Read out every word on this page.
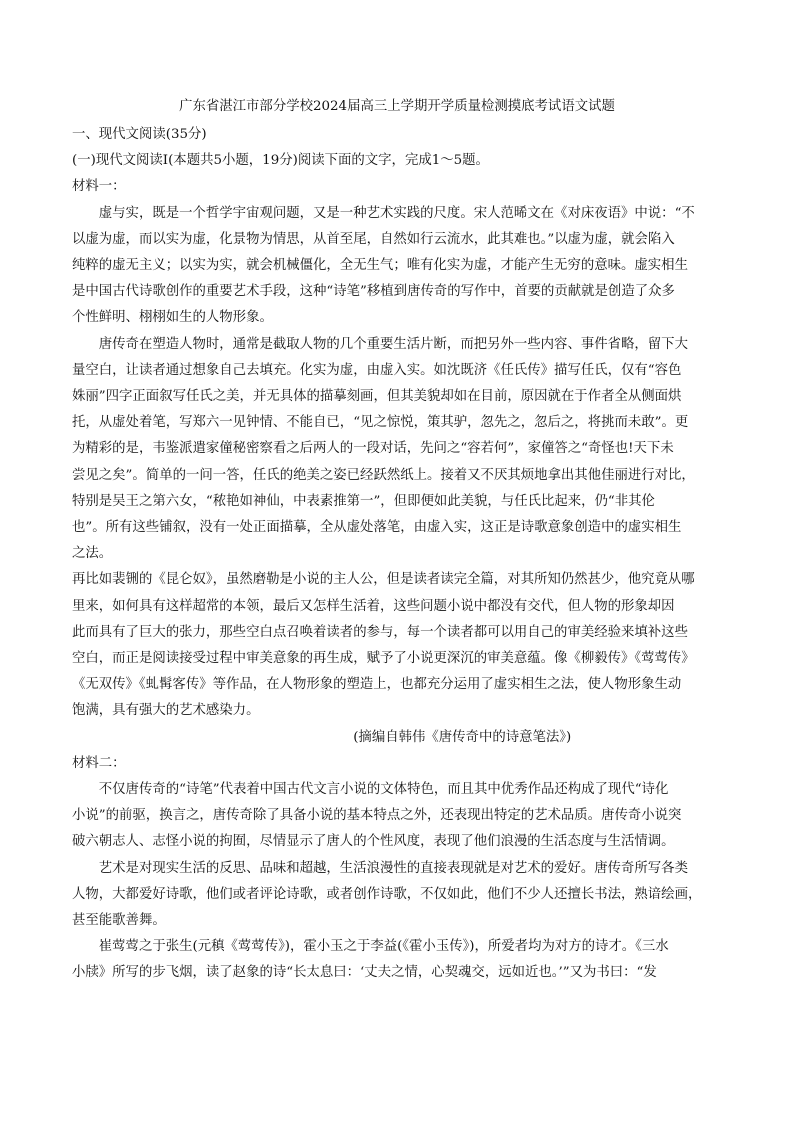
广东省湛江市部分学校2024届高三上学期开学质量检测摸底考试语文试题
一、现代文阅读(35分)
(一)现代文阅读Ⅰ(本题共5小题，19分)阅读下面的文字，完成1～5题。
材料一：
　　虚与实，既是一个哲学宇宙观问题，又是一种艺术实践的尺度。宋人范晞文在《对床夜语》中说：“不
以虚为虚，而以实为虚，化景物为情思，从首至尾，自然如行云流水，此其难也。”以虚为虚，就会陷入
纯粹的虚无主义；以实为实，就会机械僵化，全无生气；唯有化实为虚，才能产生无穷的意味。虚实相生
是中国古代诗歌创作的重要艺术手段，这种“诗笔”移植到唐传奇的写作中，首要的贡献就是创造了众多
个性鲜明、栩栩如生的人物形象。
　　唐传奇在塑造人物时，通常是截取人物的几个重要生活片断，而把另外一些内容、事件省略，留下大
量空白，让读者通过想象自己去填充。化实为虚，由虚入实。如沈既济《任氏传》描写任氏，仅有“容色
姝丽”四字正面叙写任氏之美，并无具体的描摹刻画，但其美貌却如在目前，原因就在于作者全从侧面烘
托，从虚处着笔，写郑六一见钟情、不能自已，“见之惊悦，策其驴，忽先之，忽后之，将挑而未敢”。更
为精彩的是，韦鉴派遣家僮秘密察看之后两人的一段对话，先问之“容若何”，家僮答之“奇怪也!天下未
尝见之矣”。简单的一问一答，任氏的绝美之姿已经跃然纸上。接着又不厌其烦地拿出其他佳丽进行对比，
特别是吴王之第六女，“秾艳如神仙，中表素推第一”，但即便如此美貌，与任氏比起来，仍“非其伦
也”。所有这些铺叙，没有一处正面描摹，全从虚处落笔，由虚入实，这正是诗歌意象创造中的虚实相生
之法。
再比如裴铏的《昆仑奴》，虽然磨勒是小说的主人公，但是读者读完全篇，对其所知仍然甚少，他究竟从哪
里来，如何具有这样超常的本领，最后又怎样生活着，这些问题小说中都没有交代，但人物的形象却因
此而具有了巨大的张力，那些空白点召唤着读者的参与，每一个读者都可以用自己的审美经验来填补这些
空白，而正是阅读接受过程中审美意象的再生成，赋予了小说更深沉的审美意蕴。像《柳毅传》《莺莺传》
《无双传》《虬髯客传》等作品，在人物形象的塑造上，也都充分运用了虚实相生之法，使人物形象生动
饱满，具有强大的艺术感染力。
　　　　　　　　　　　　　　　　　　　　　(摘编自韩伟《唐传奇中的诗意笔法》)
材料二：
　　不仅唐传奇的“诗笔”代表着中国古代文言小说的文体特色，而且其中优秀作品还构成了现代“诗化
小说”的前驱，换言之，唐传奇除了具备小说的基本特点之外，还表现出特定的艺术品质。唐传奇小说突
破六朝志人、志怪小说的拘囿，尽情显示了唐人的个性风度，表现了他们浪漫的生活态度与生活情调。
　　艺术是对现实生活的反思、品味和超越，生活浪漫性的直接表现就是对艺术的爱好。唐传奇所写各类
人物，大都爱好诗歌，他们或者评论诗歌，或者创作诗歌，不仅如此，他们不少人还擅长书法，熟谙绘画，
甚至能歌善舞。
　　崔莺莺之于张生(元稹《莺莺传》)，霍小玉之于李益(《霍小玉传》)，所爱者均为对方的诗才。《三水
小牍》所写的步飞烟，读了赵象的诗“长太息曰：‘丈夫之情，心契魂交，远如近也。’”又为书曰：“发
